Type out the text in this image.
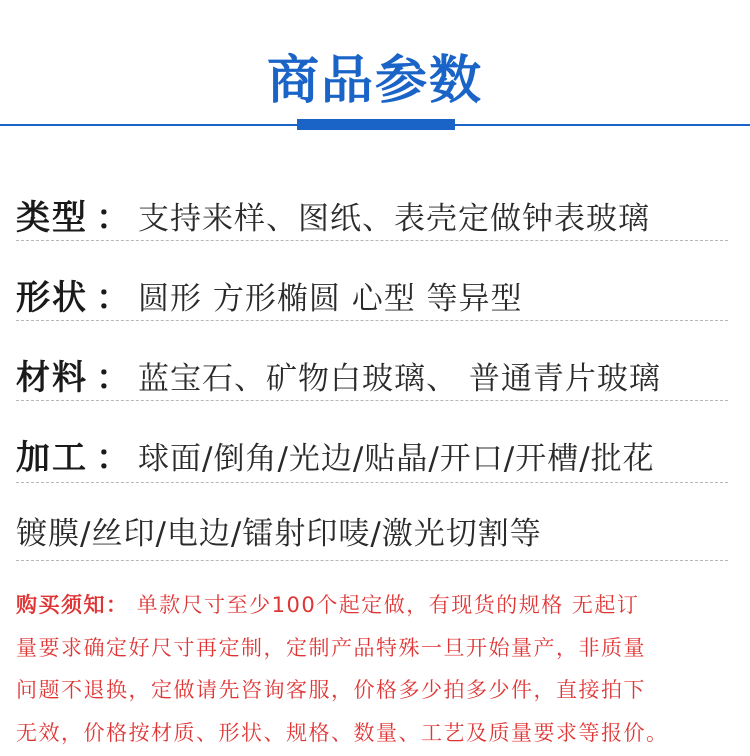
商品参数
类型 ： 支持来样、图纸、表壳定做钟表玻璃
形状 ： 圆形 方形椭圆 心型 等异型
材料 ： 蓝宝石、矿物白玻璃、 普通青片玻璃
加工 ： 球面/倒角/光边/贴晶/开口/开槽/批花
镀膜/丝印/电边/镭射印唛/激光切割等
购买须知： 单款尺寸至少100个起定做，有现货的规格 无起订
量要求确定好尺寸再定制，定制产品特殊一旦开始量产，非质量
问题不退换，定做请先咨询客服，价格多少拍多少件，直接拍下
无效，价格按材质、形状、规格、数量、工艺及质量要求等报价。
